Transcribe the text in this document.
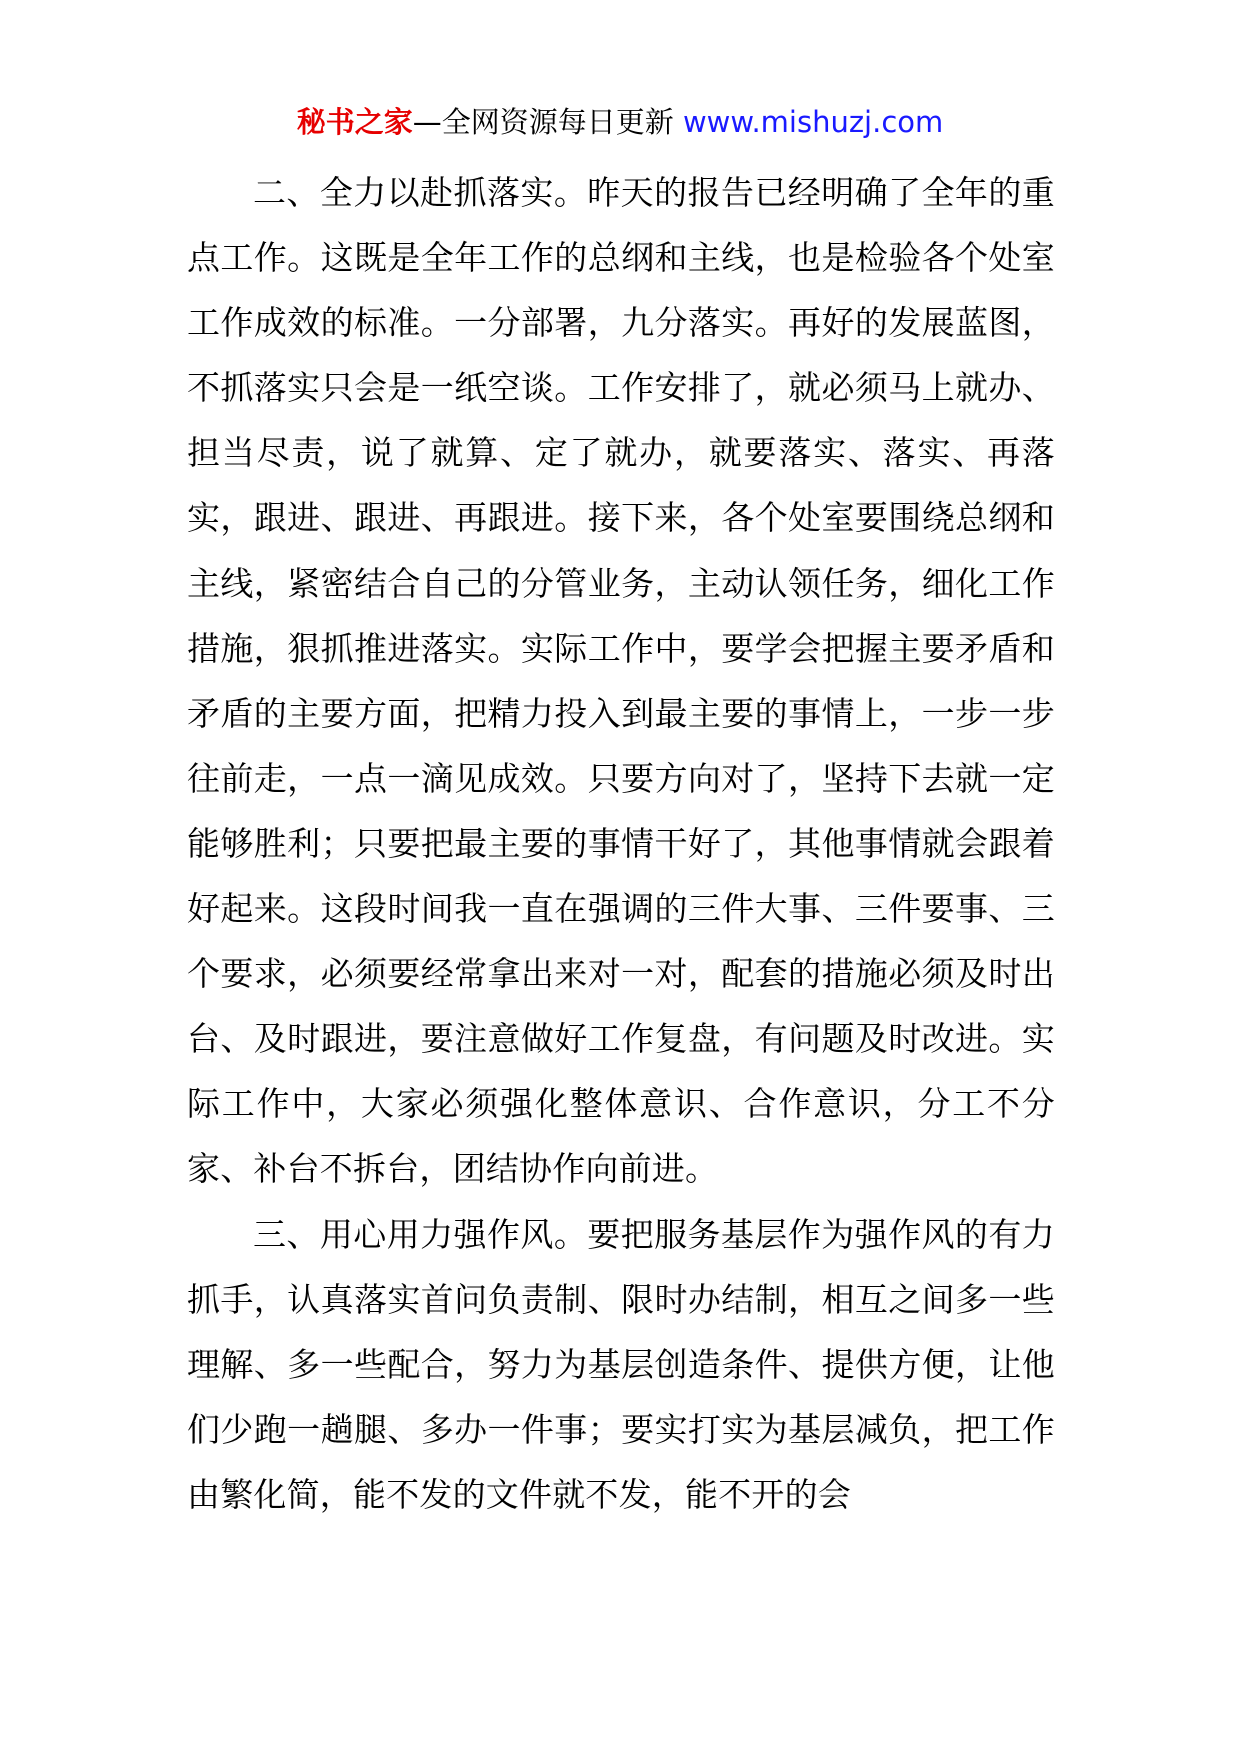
秘书之家—全网资源每日更新 www.mishuzj.com

二、全力以赴抓落实。昨天的报告已经明确了全年的重点工作。这既是全年工作的总纲和主线，也是检验各个处室工作成效的标准。一分部署，九分落实。再好的发展蓝图，不抓落实只会是一纸空谈。工作安排了，就必须马上就办、担当尽责，说了就算、定了就办，就要落实、落实、再落实，跟进、跟进、再跟进。接下来，各个处室要围绕总纲和主线，紧密结合自己的分管业务，主动认领任务，细化工作措施，狠抓推进落实。实际工作中，要学会把握主要矛盾和矛盾的主要方面，把精力投入到最主要的事情上，一步一步往前走，一点一滴见成效。只要方向对了，坚持下去就一定能够胜利；只要把最主要的事情干好了，其他事情就会跟着好起来。这段时间我一直在强调的三件大事、三件要事、三个要求，必须要经常拿出来对一对，配套的措施必须及时出台、及时跟进，要注意做好工作复盘，有问题及时改进。实际工作中，大家必须强化整体意识、合作意识，分工不分家、补台不拆台，团结协作向前进。

三、用心用力强作风。要把服务基层作为强作风的有力抓手，认真落实首问负责制、限时办结制，相互之间多一些理解、多一些配合，努力为基层创造条件、提供方便，让他们少跑一趟腿、多办一件事；要实打实为基层减负，把工作由繁化简，能不发的文件就不发，能不开的会
